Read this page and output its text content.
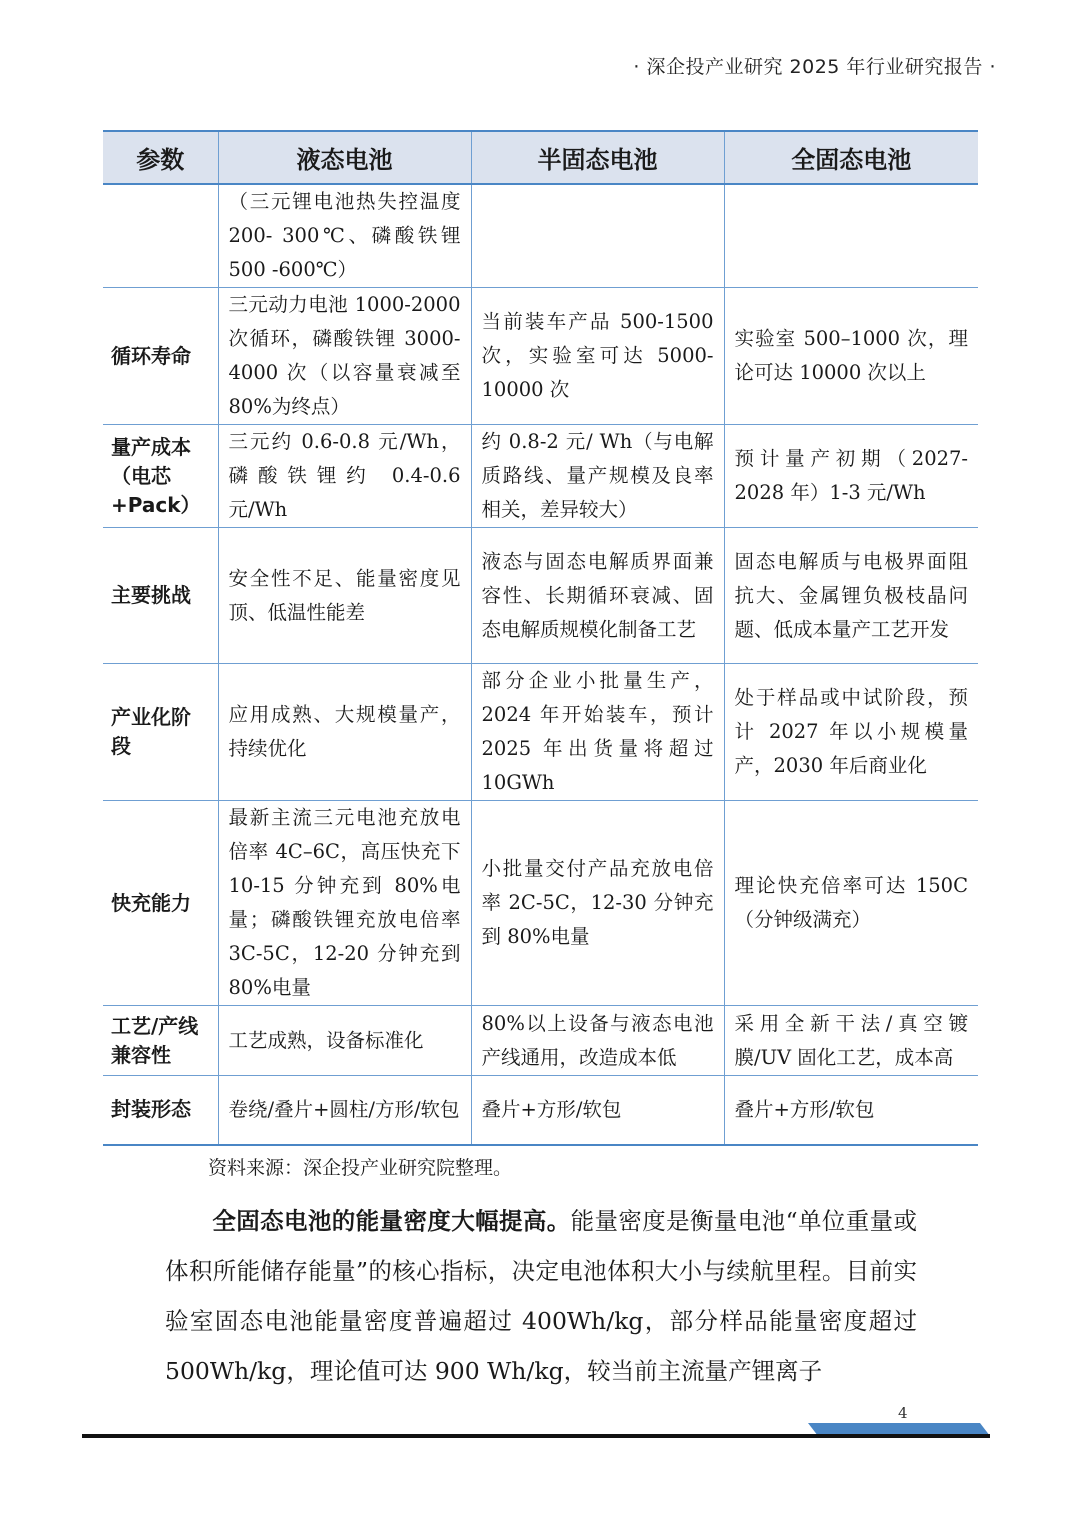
· 深企投产业研究 2025 年行业研究报告 ·
参数	液态电池	半固态电池	全固态电池
	（三元锂电池热失控温度 200- 300℃、磷酸铁锂 500 -600℃）		
循环寿命	三元动力电池 1000-2000 次循环，磷酸铁锂 3000-4000 次（以容量衰减至 80%为终点）	当前装车产品 500-1500 次，实验室可达 5000-10000 次	实验室 500–1000 次，理论可达 10000 次以上
量产成本（电芯+Pack）	三元约 0.6-0.8 元/Wh，磷酸铁锂约 0.4-0.6 元/Wh	约 0.8-2 元/ Wh（与电解质路线、量产规模及良率相关，差异较大）	预计量产初期（2027-2028 年）1-3 元/Wh
主要挑战	安全性不足、能量密度见顶、低温性能差	液态与固态电解质界面兼容性、长期循环衰减、固态电解质规模化制备工艺	固态电解质与电极界面阻抗大、金属锂负极枝晶问题、低成本量产工艺开发
产业化阶段	应用成熟、大规模量产，持续优化	部分企业小批量生产，2024 年开始装车，预计 2025 年出货量将超过 10GWh	处于样品或中试阶段，预计 2027 年以小规模量产，2030 年后商业化
快充能力	最新主流三元电池充放电倍率 4C–6C，高压快充下 10-15 分钟充到 80%电量；磷酸铁锂充放电倍率 3C-5C，12-20 分钟充到 80%电量	小批量交付产品充放电倍率 2C-5C，12-30 分钟充到 80%电量	理论快充倍率可达 150C （分钟级满充）
工艺/产线兼容性	工艺成熟，设备标准化	80%以上设备与液态电池产线通用，改造成本低	采用全新干法/真空镀膜/UV 固化工艺，成本高
封装形态	卷绕/叠片+圆柱/方形/软包	叠片+方形/软包	叠片+方形/软包
资料来源：深企投产业研究院整理。

全固态电池的能量密度大幅提高。能量密度是衡量电池“单位重量或体积所能储存能量”的核心指标，决定电池体积大小与续航里程。目前实验室固态电池能量密度普遍超过 400Wh/kg，部分样品能量密度超过 500Wh/kg，理论值可达 900 Wh/kg，较当前主流量产锂离子

4
